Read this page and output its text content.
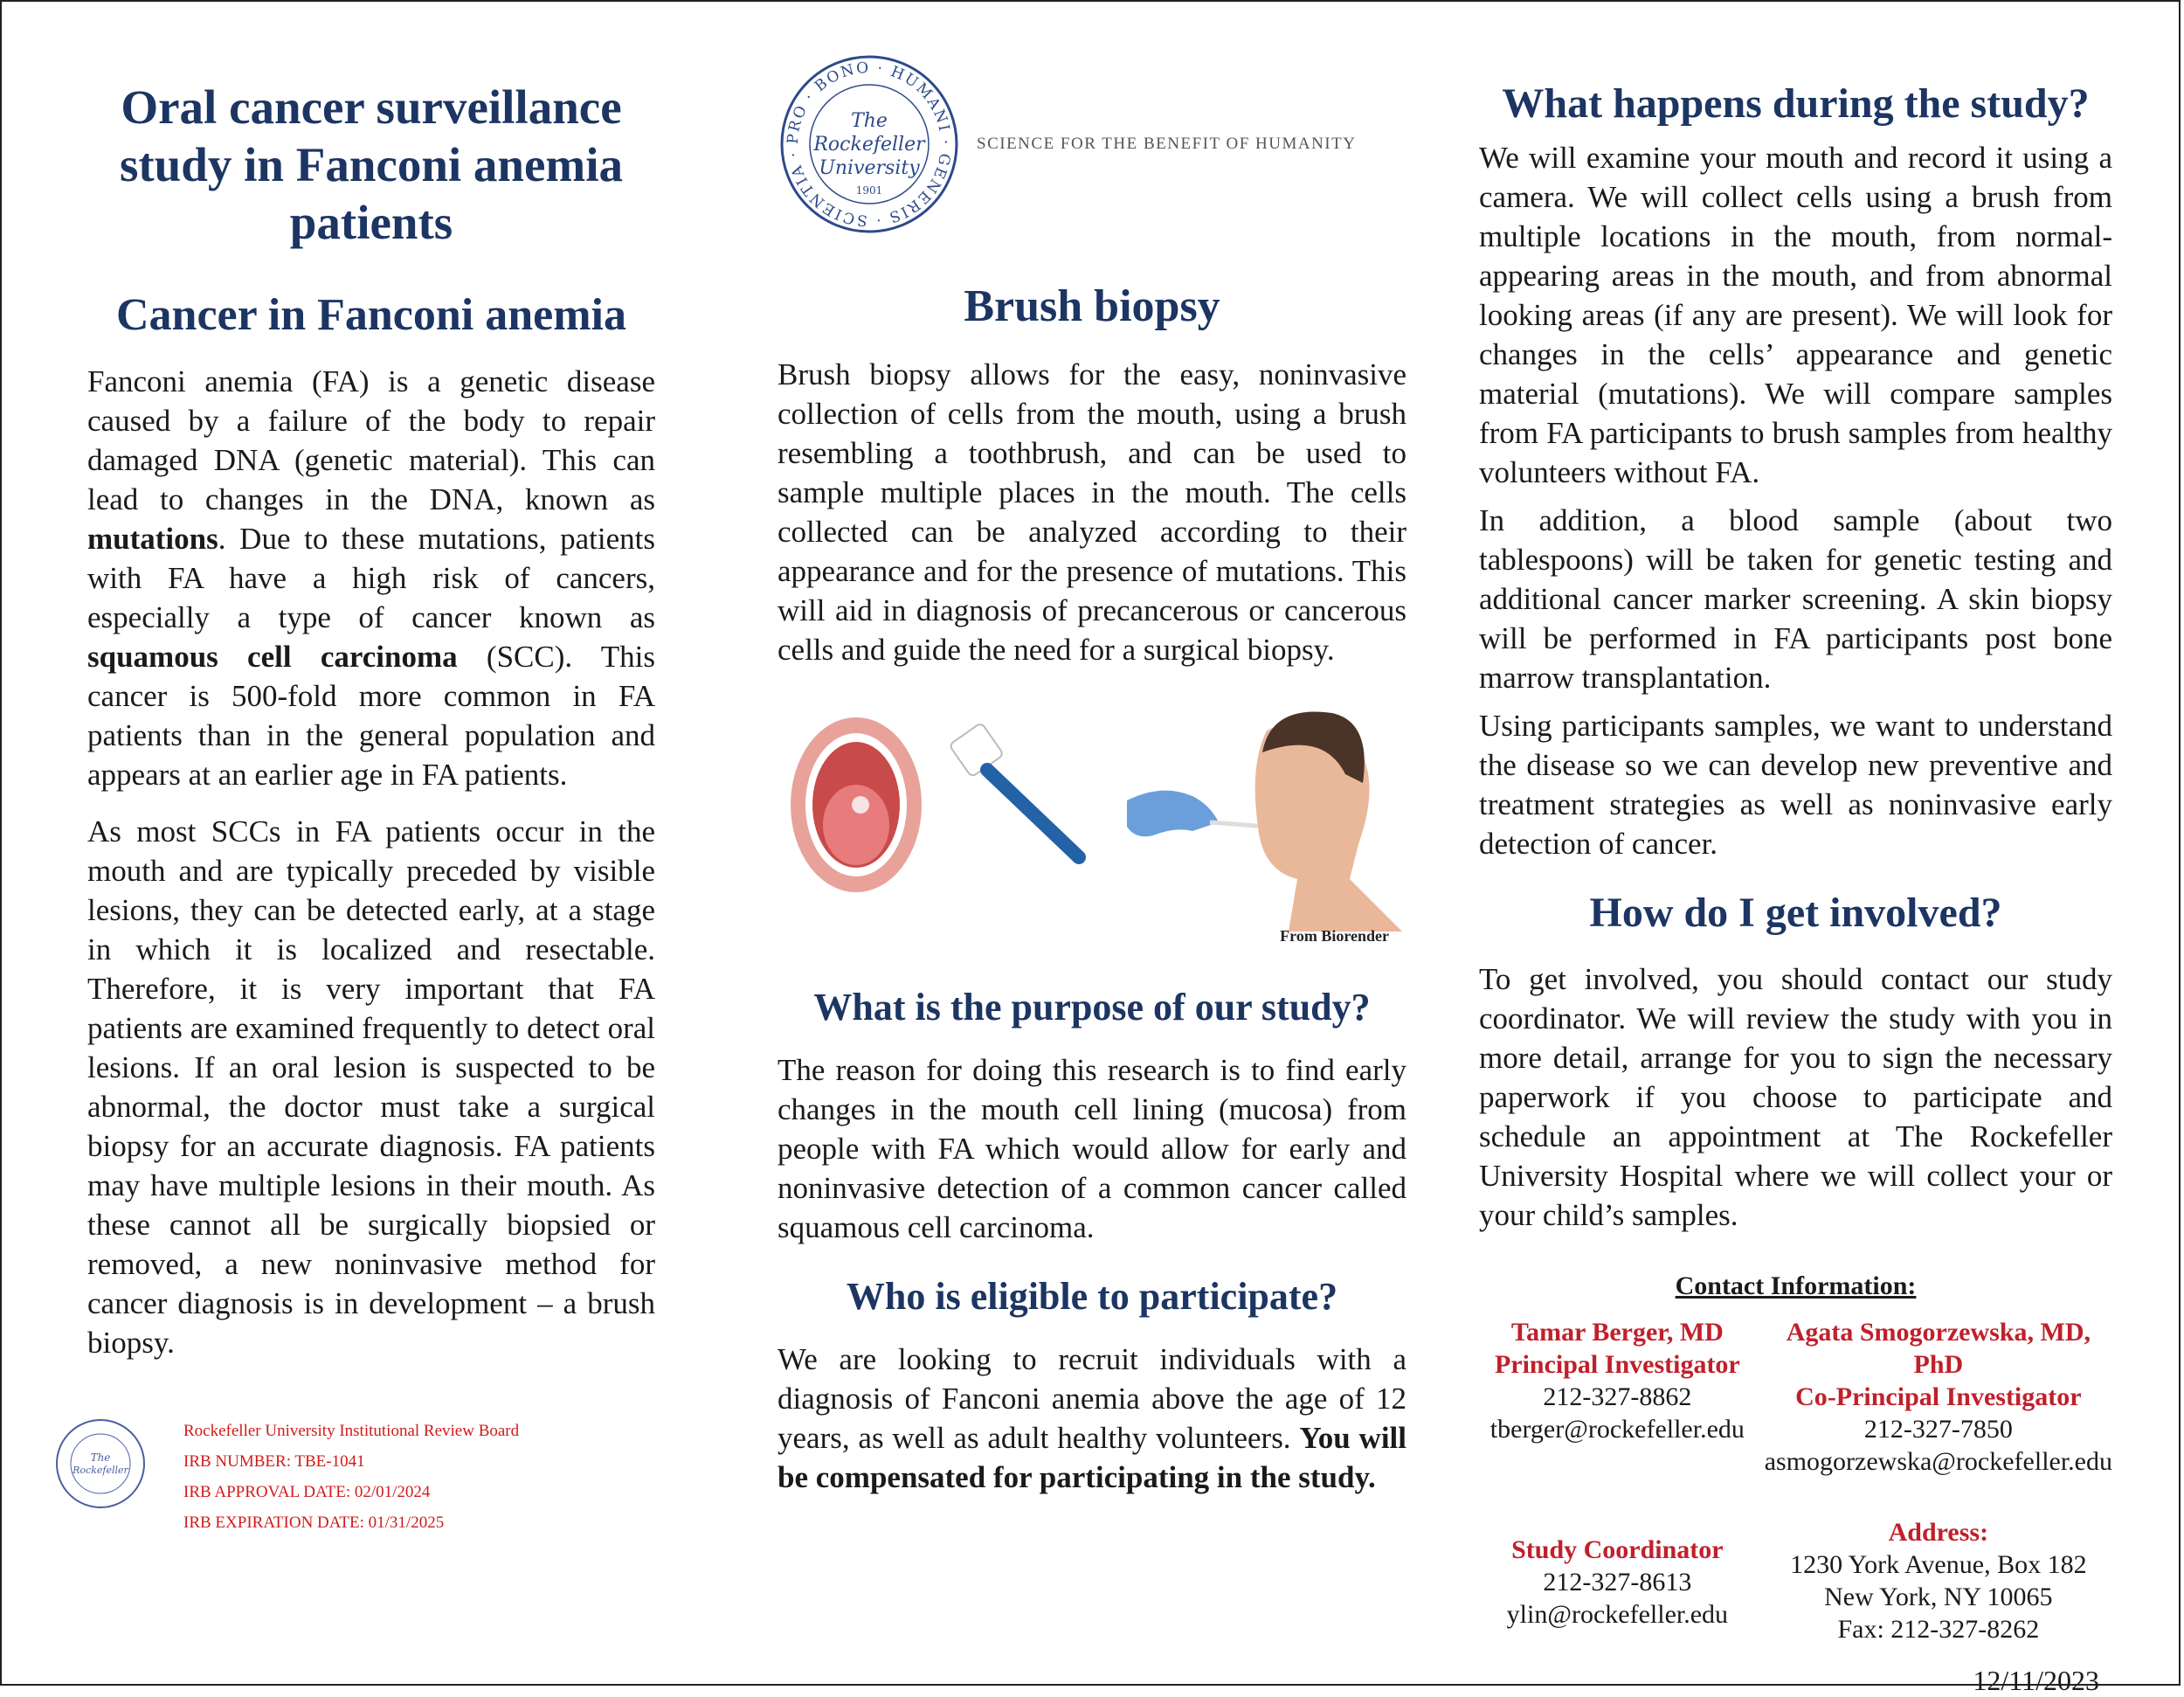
Oral cancer surveillance study in Fanconi anemia patients
Cancer in Fanconi anemia

Fanconi anemia (FA) is a genetic disease caused by a failure of the body to repair damaged DNA (genetic material). This can lead to changes in the DNA, known as mutations. Due to these mutations, patients with FA have a high risk of cancers, especially a type of cancer known as squamous cell carcinoma (SCC). This cancer is 500-fold more common in FA patients than in the general population and appears at an earlier age in FA patients.

As most SCCs in FA patients occur in the mouth and are typically preceded by visible lesions, they can be detected early, at a stage in which it is localized and resectable. Therefore, it is very important that FA patients are examined frequently to detect oral lesions. If an oral lesion is suspected to be abnormal, the doctor must take a surgical biopsy for an accurate diagnosis. FA patients may have multiple lesions in their mouth. As these cannot all be surgically biopsied or removed, a new noninvasive method for cancer diagnosis is in development – a brush biopsy.

The
Rockefeller
Rockefeller University Institutional Review Board
IRB NUMBER: TBE-1041
IRB APPROVAL DATE: 02/01/2024
IRB EXPIRATION DATE: 01/31/2025
PRO · BONO · HUMANI · GENERIS · SCIENTIA ·
The
Rockefeller
University
1901
SCIENCE FOR THE BENEFIT OF HUMANITY
Brush biopsy

Brush biopsy allows for the easy, noninvasive collection of cells from the mouth, using a brush resembling a toothbrush, and can be used to sample multiple places in the mouth. The cells collected can be analyzed according to their appearance and for the presence of mutations. This will aid in diagnosis of precancerous or cancerous cells and guide the need for a surgical biopsy.

From Biorender
What is the purpose of our study?

The reason for doing this research is to find early changes in the mouth cell lining (mucosa) from people with FA which would allow for early and noninvasive detection of a common cancer called squamous cell carcinoma.

Who is eligible to participate?

We are looking to recruit individuals with a diagnosis of Fanconi anemia above the age of 12 years, as well as adult healthy volunteers. You will be compensated for participating in the study.

What happens during the study?

We will examine your mouth and record it using a camera. We will collect cells using a brush from multiple locations in the mouth, from normal-appearing areas in the mouth, and from abnormal looking areas (if any are present). We will look for changes in the cells’ appearance and genetic material (mutations). We will compare samples from FA participants to brush samples from healthy volunteers without FA.

In addition, a blood sample (about two tablespoons) will be taken for genetic testing and additional cancer marker screening. A skin biopsy will be performed in FA participants post bone marrow transplantation.

Using participants samples, we want to understand the disease so we can develop new preventive and treatment strategies as well as noninvasive early detection of cancer.

How do I get involved?

To get involved, you should contact our study coordinator. We will review the study with you in more detail, arrange for you to sign the necessary paperwork if you choose to participate and schedule an appointment at The Rockefeller University Hospital where we will collect your or your child’s samples.

Contact Information:
Tamar Berger, MD
Principal Investigator
212-327-8862
tberger@rockefeller.edu
Agata Smogorzewska, MD, PhD
Co-Principal Investigator
212-327-7850
asmogorzewska@rockefeller.edu
Study Coordinator
212-327-8613
ylin@rockefeller.edu
Address:
1230 York Avenue, Box 182
New York, NY 10065
Fax: 212-327-8262
12/11/2023
